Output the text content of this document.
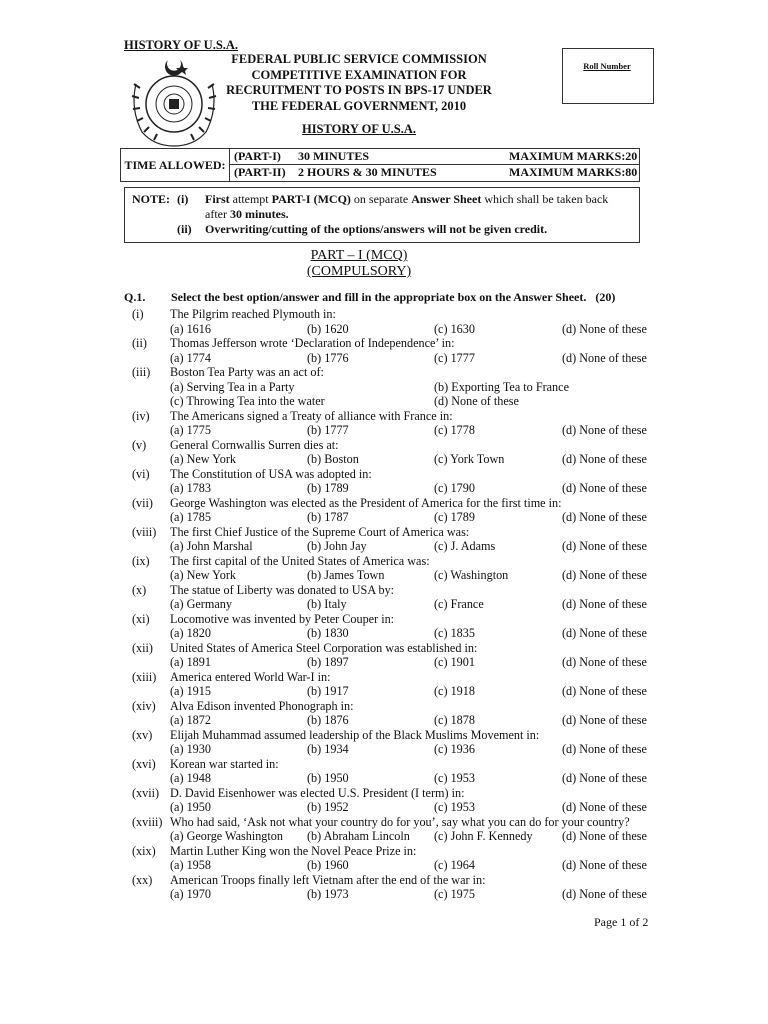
HISTORY OF U.S.A.
FEDERAL PUBLIC SERVICE COMMISSION
COMPETITIVE EXAMINATION FOR
RECRUITMENT TO POSTS IN BPS-17 UNDER
THE FEDERAL GOVERNMENT, 2010
HISTORY OF U.S.A.
Roll Number
TIME ALLOWED:
(PART-I) 30 MINUTES	MAXIMUM MARKS:20
(PART-II) 2 HOURS & 30 MINUTES	MAXIMUM MARKS:80
NOTE: (i) First attempt PART-I (MCQ) on separate Answer Sheet which shall be taken back
after 30 minutes.
(ii) Overwriting/cutting of the options/answers will not be given credit.
PART – I (MCQ)
(COMPULSORY)
Q.1. Select the best option/answer and fill in the appropriate box on the Answer Sheet. (20)
(i) The Pilgrim reached Plymouth in:
(a) 1616	(b) 1620	(c) 1630	(d) None of these
(ii) Thomas Jefferson wrote ‘Declaration of Independence’ in:
(a) 1774	(b) 1776	(c) 1777	(d) None of these
(iii) Boston Tea Party was an act of:
(a) Serving Tea in a Party	(b) Exporting Tea to France
(c) Throwing Tea into the water	(d) None of these
(iv) The Americans signed a Treaty of alliance with France in:
(a) 1775	(b) 1777	(c) 1778	(d) None of these
(v) General Cornwallis Surren dies at:
(a) New York	(b) Boston	(c) York Town	(d) None of these
(vi) The Constitution of USA was adopted in:
(a) 1783	(b) 1789	(c) 1790	(d) None of these
(vii) George Washington was elected as the President of America for the first time in:
(a) 1785	(b) 1787	(c) 1789	(d) None of these
(viii) The first Chief Justice of the Supreme Court of America was:
(a) John Marshal	(b) John Jay	(c) J. Adams	(d) None of these
(ix) The first capital of the United States of America was:
(a) New York	(b) James Town	(c) Washington	(d) None of these
(x) The statue of Liberty was donated to USA by:
(a) Germany	(b) Italy	(c) France	(d) None of these
(xi) Locomotive was invented by Peter Couper in:
(a) 1820	(b) 1830	(c) 1835	(d) None of these
(xii) United States of America Steel Corporation was established in:
(a) 1891	(b) 1897	(c) 1901	(d) None of these
(xiii) America entered World War-I in:
(a) 1915	(b) 1917	(c) 1918	(d) None of these
(xiv) Alva Edison invented Phonograph in:
(a) 1872	(b) 1876	(c) 1878	(d) None of these
(xv) Elijah Muhammad assumed leadership of the Black Muslims Movement in:
(a) 1930	(b) 1934	(c) 1936	(d) None of these
(xvi) Korean war started in:
(a) 1948	(b) 1950	(c) 1953	(d) None of these
(xvii) D. David Eisenhower was elected U.S. President (I term) in:
(a) 1950	(b) 1952	(c) 1953	(d) None of these
(xviii) Who had said, ‘Ask not what your country do for you’, say what you can do for your country?
(a) George Washington (b) Abraham Lincoln (c) John F. Kennedy (d) None of these
(xix) Martin Luther King won the Novel Peace Prize in:
(a) 1958	(b) 1960	(c) 1964	(d) None of these
(xx) American Troops finally left Vietnam after the end of the war in:
(a) 1970	(b) 1973	(c) 1975	(d) None of these
Page 1 of 2
